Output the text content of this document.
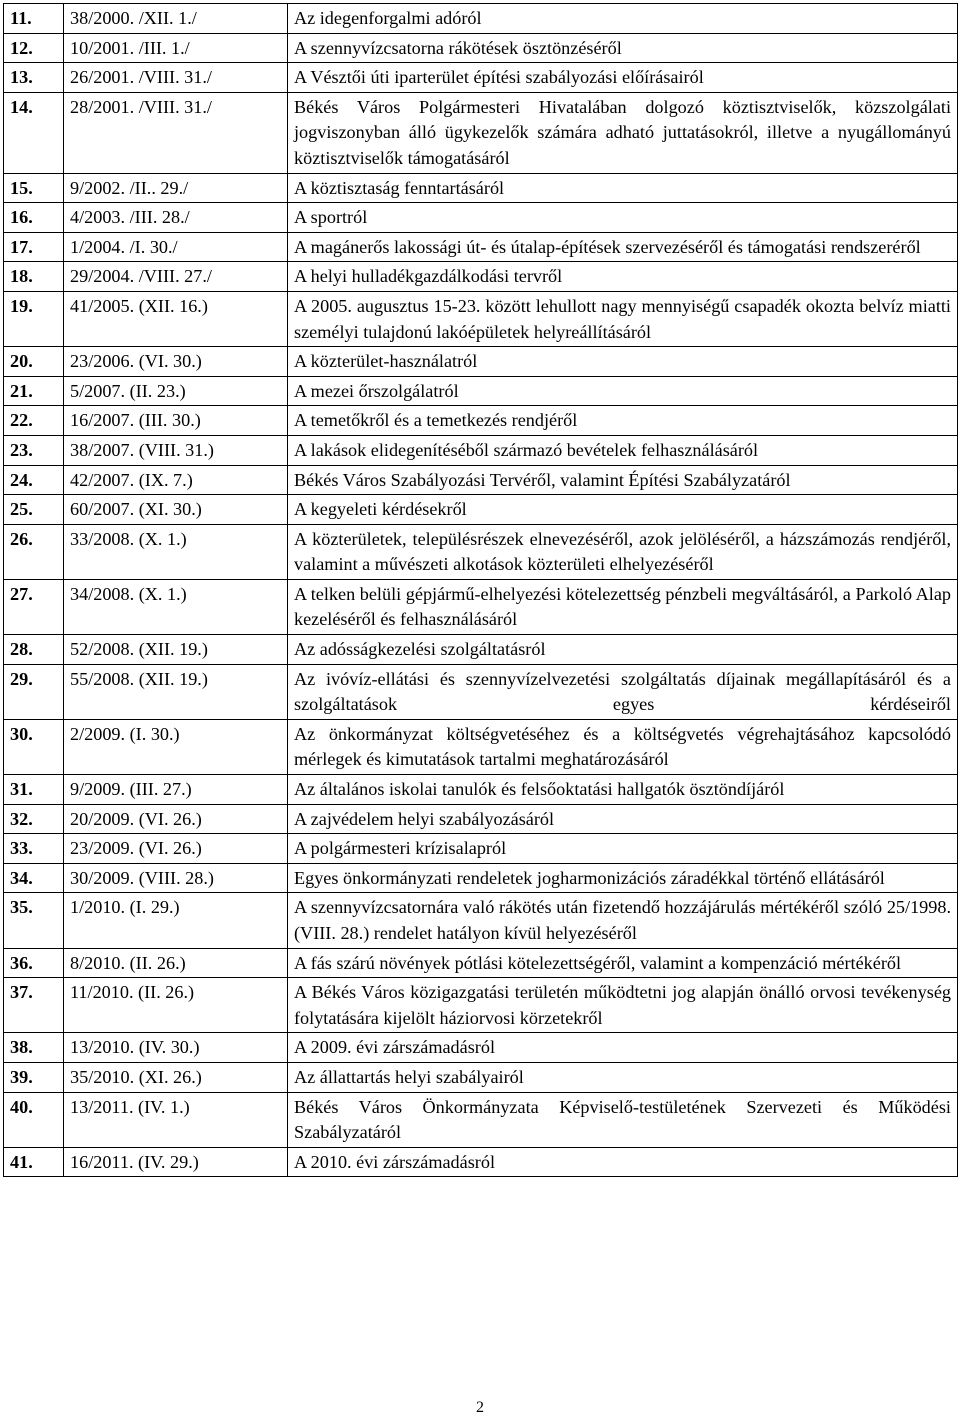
11.	38/2000. /XII. 1./	Az idegenforgalmi adóról
12.	10/2001. /III. 1./	A szennyvízcsatorna rákötések ösztönzéséről
13.	26/2001. /VIII. 31./	A Vésztői úti iparterület építési szabályozási előírásairól
14.	28/2001. /VIII. 31./	Békés Város Polgármesteri Hivatalában dolgozó köztisztviselők, közszolgálati jogviszonyban álló ügykezelők számára adható juttatásokról, illetve a nyugállományú köztisztviselők támogatásáról
15.	9/2002. /II.. 29./	A köztisztaság fenntartásáról
16.	4/2003. /III. 28./	A sportról
17.	1/2004. /I. 30./	A magánerős lakossági út- és útalap-építések szervezéséről és támogatási rendszeréről
18.	29/2004. /VIII. 27./	A helyi hulladékgazdálkodási tervről
19.	41/2005. (XII. 16.)	A 2005. augusztus 15-23. között lehullott nagy mennyiségű csapadék okozta belvíz miatti személyi tulajdonú lakóépületek helyreállításáról
20.	23/2006. (VI. 30.)	A közterület-használatról
21.	5/2007. (II. 23.)	A mezei őrszolgálatról
22.	16/2007. (III. 30.)	A temetőkről és a temetkezés rendjéről
23.	38/2007. (VIII. 31.)	A lakások elidegenítéséből származó bevételek felhasználásáról
24.	42/2007. (IX. 7.)	Békés Város Szabályozási Tervéről, valamint Építési Szabályzatáról
25.	60/2007. (XI. 30.)	A kegyeleti kérdésekről
26.	33/2008. (X. 1.)	A közterületek, településrészek elnevezéséről, azok jelöléséről, a házszámozás rendjéről, valamint a művészeti alkotások közterületi elhelyezéséről
27.	34/2008. (X. 1.)	A telken belüli gépjármű-elhelyezési kötelezettség pénzbeli megváltásáról, a Parkoló Alap kezeléséről és felhasználásáról
28.	52/2008. (XII. 19.)	Az adósságkezelési szolgáltatásról
29.	55/2008. (XII. 19.)	Az ivóvíz-ellátási és szennyvízelvezetési szolgáltatás díjainak megállapításáról és a szolgáltatások egyes kérdéseiről
30.	2/2009. (I. 30.)	Az önkormányzat költségvetéséhez és a költségvetés végrehajtásához kapcsolódó mérlegek és kimutatások tartalmi meghatározásáról
31.	9/2009. (III. 27.)	Az általános iskolai tanulók és felsőoktatási hallgatók ösztöndíjáról
32.	20/2009. (VI. 26.)	A zajvédelem helyi szabályozásáról
33.	23/2009. (VI. 26.)	A polgármesteri krízisalapról
34.	30/2009. (VIII. 28.)	Egyes önkormányzati rendeletek jogharmonizációs záradékkal történő ellátásáról
35.	1/2010. (I. 29.)	A szennyvízcsatornára való rákötés után fizetendő hozzájárulás mértékéről szóló 25/1998. (VIII. 28.) rendelet hatályon kívül helyezéséről
36.	8/2010. (II. 26.)	A fás szárú növények pótlási kötelezettségéről, valamint a kompenzáció mértékéről
37.	11/2010. (II. 26.)	A Békés Város közigazgatási területén működtetni jog alapján önálló orvosi tevékenység folytatására kijelölt háziorvosi körzetekről
38.	13/2010. (IV. 30.)	A 2009. évi zárszámadásról
39.	35/2010. (XI. 26.)	Az állattartás helyi szabályairól
40.	13/2011. (IV. 1.)	Békés Város Önkormányzata Képviselő-testületének Szervezeti és Működési Szabályzatáról
41.	16/2011. (IV. 29.)	A 2010. évi zárszámadásról
2
